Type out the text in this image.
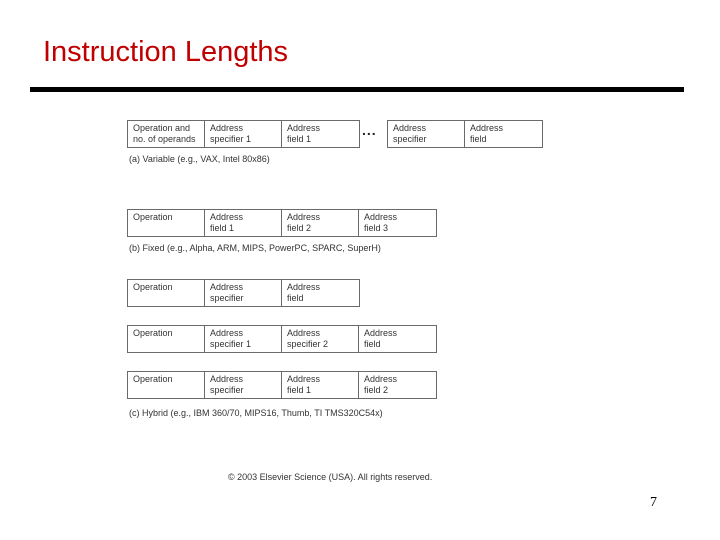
Instruction Lengths
Operation and
no. of operands
Address
specifier 1
Address
field 1
...	Address
specifier
Address
field
(a) Variable (e.g., VAX, Intel 80x86)
Operation	Address
field 1
Address
field 2
Address
field 3
(b) Fixed (e.g., Alpha, ARM, MIPS, PowerPC, SPARC, SuperH)
Operation	Address
specifier
Address
field
Operation	Address
specifier 1
Address
specifier 2
Address
field
Operation	Address
specifier
Address
field 1
Address
field 2
(c) Hybrid (e.g., IBM 360/70, MIPS16, Thumb, TI TMS320C54x)
© 2003 Elsevier Science (USA). All rights reserved.
7
